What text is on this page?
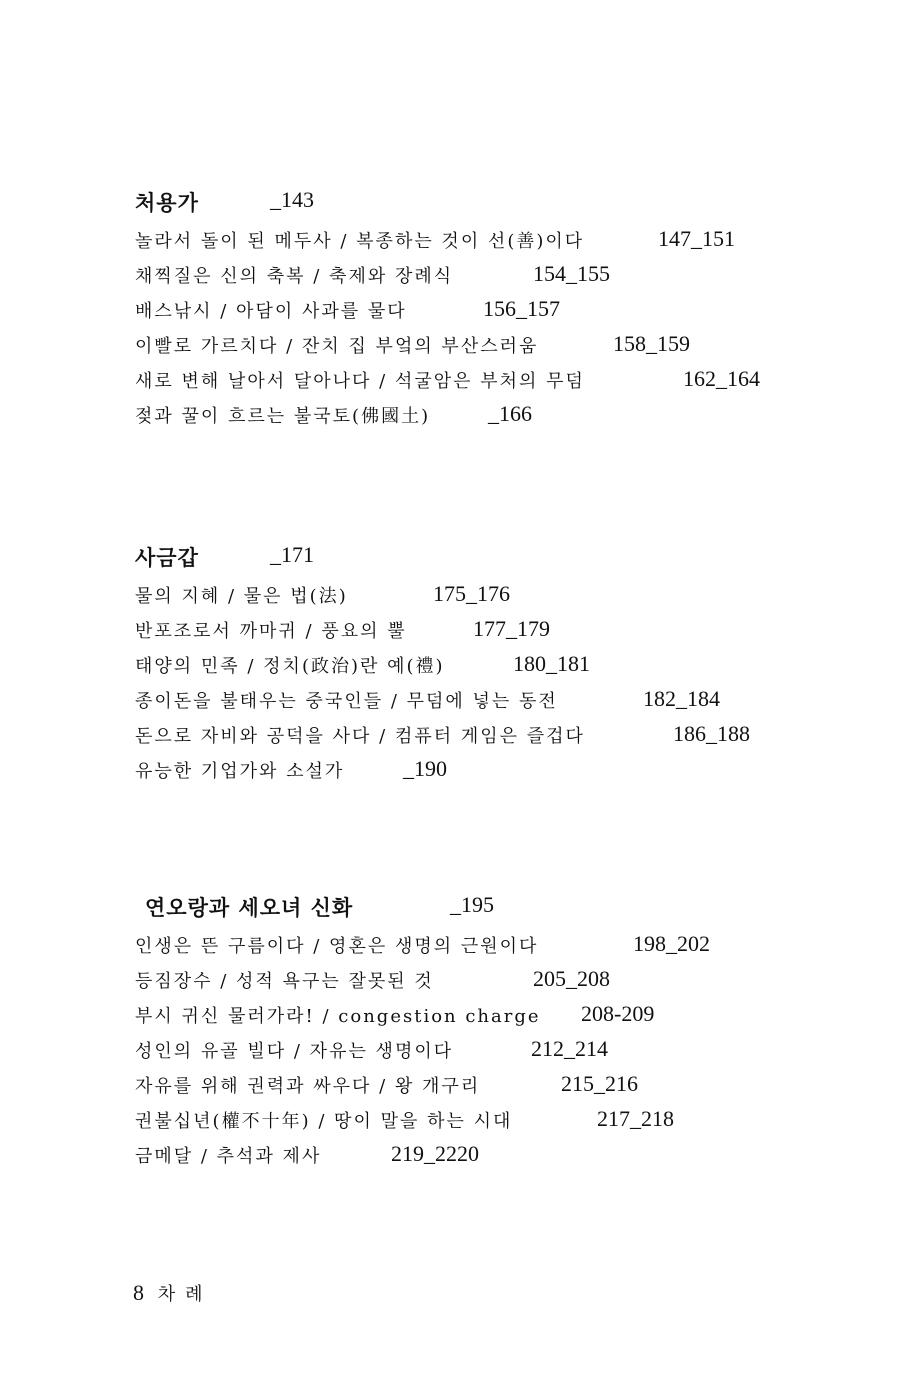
처용가	_143
놀라서 돌이 된 메두사 / 복종하는 것이 선(善)이다	147_151
채찍질은 신의 축복 / 축제와 장례식	154_155
배스낚시 / 아담이 사과를 물다	156_157
이빨로 가르치다 / 잔치 집 부엌의 부산스러움	158_159
새로 변해 날아서 달아나다 / 석굴암은 부처의 무덤	162_164
젖과 꿀이 흐르는 불국토(佛國土)	_166
사금갑	_171
물의 지혜 / 물은 법(法)	175_176
반포조로서 까마귀 / 풍요의 뿔	177_179
태양의 민족 / 정치(政治)란 예(禮)	180_181
종이돈을 불태우는 중국인들 / 무덤에 넣는 동전	182_184
돈으로 자비와 공덕을 사다 / 컴퓨터 게임은 즐겁다	186_188
유능한 기업가와 소설가	_190
연오랑과 세오녀 신화	_195
인생은 뜬 구름이다 / 영혼은 생명의 근원이다	198_202
등짐장수 / 성적 욕구는 잘못된 것	205_208
부시 귀신 물러가라! / congestion charge 208-209
성인의 유골 빌다 / 자유는 생명이다	212_214
자유를 위해 권력과 싸우다 / 왕 개구리	215_216
권불십년(權不十年) / 땅이 말을 하는 시대	217_218
금메달 / 추석과 제사	219_2220
8 차례
